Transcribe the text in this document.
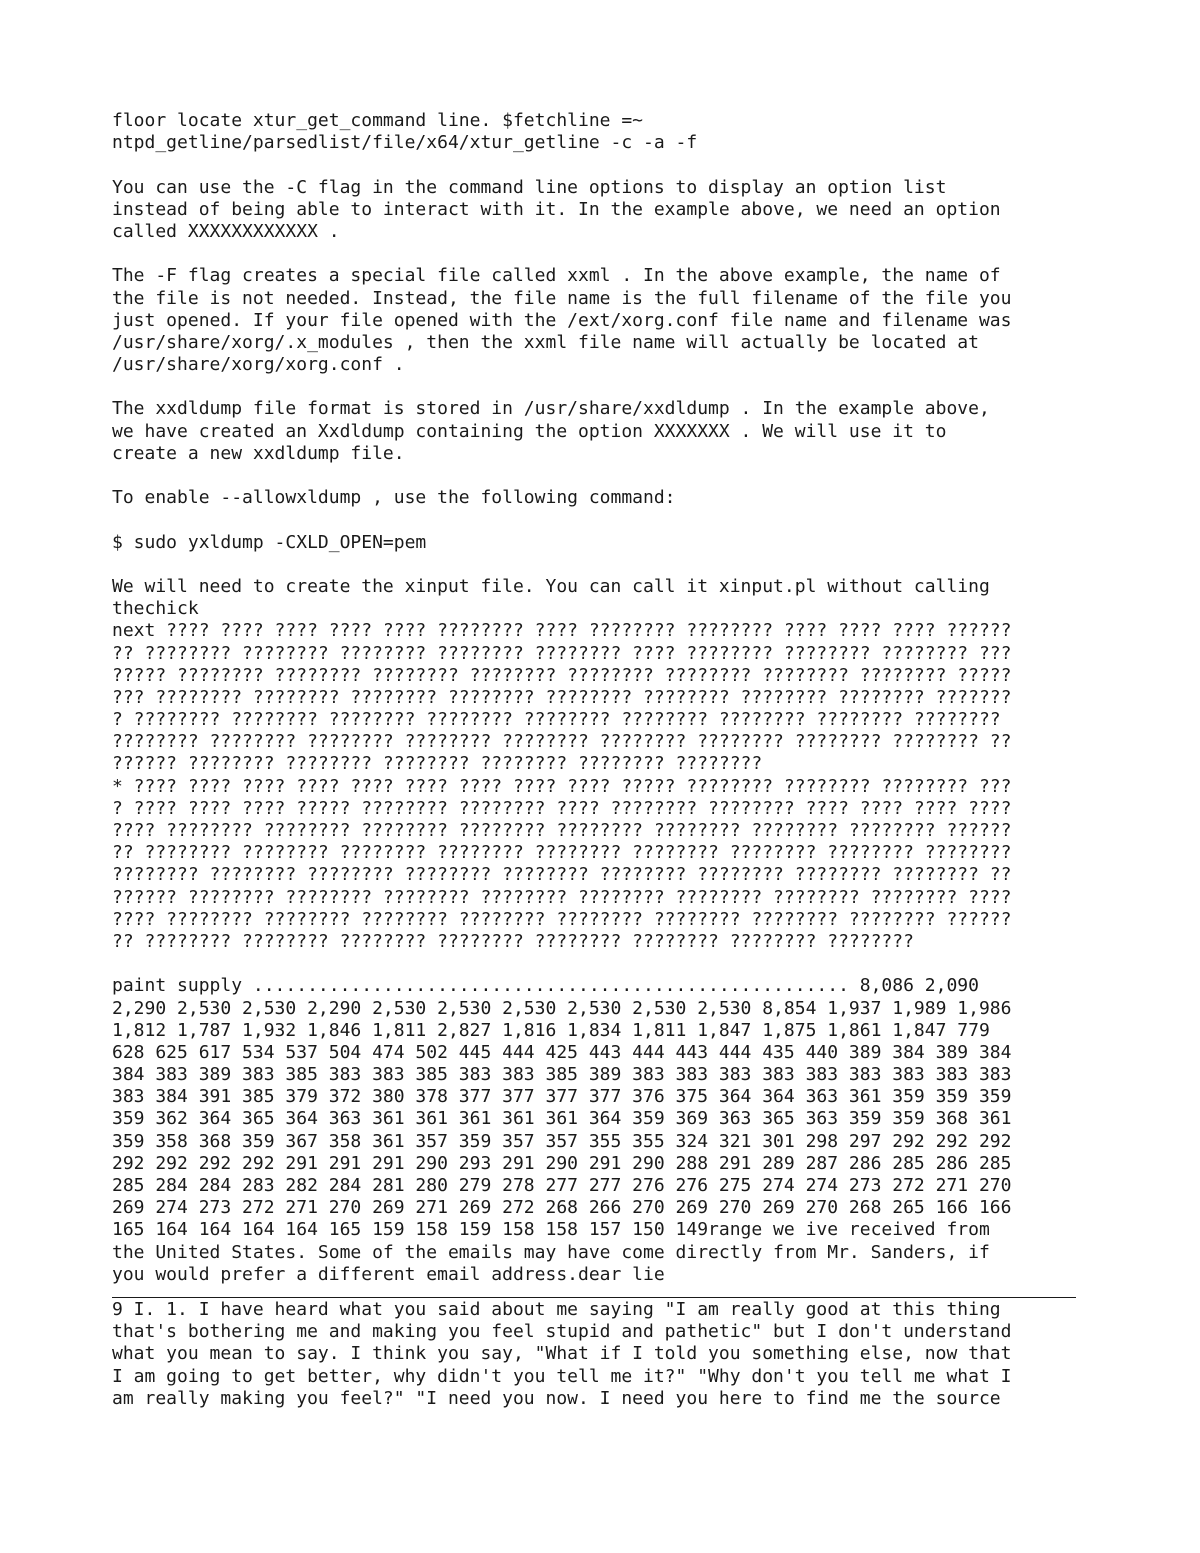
floor locate xtur_get_command line. $fetchline =~
ntpd_getline/parsedlist/file/x64/xtur_getline -c -a -f
You can use the -C flag in the command line options to display an option list
instead of being able to interact with it. In the example above, we need an option
called XXXXXXXXXXXX .
The -F flag creates a special file called xxml . In the above example, the name of
the file is not needed. Instead, the file name is the full filename of the file you
just opened. If your file opened with the /ext/xorg.conf file name and filename was
/usr/share/xorg/.x_modules , then the xxml file name will actually be located at
/usr/share/xorg/xorg.conf .
The xxdldump file format is stored in /usr/share/xxdldump . In the example above,
we have created an Xxdldump containing the option XXXXXXX . We will use it to
create a new xxdldump file.
To enable --allowxldump , use the following command:
$ sudo yxldump -CXLD_OPEN=pem
We will need to create the xinput file. You can call it xinput.pl without calling
thechick
next ???? ???? ???? ???? ???? ???????? ???? ???????? ???????? ???? ???? ???? ??????
?? ???????? ???????? ???????? ???????? ???????? ???? ???????? ???????? ???????? ???
????? ???????? ???????? ???????? ???????? ???????? ???????? ???????? ???????? ?????
??? ???????? ???????? ???????? ???????? ???????? ???????? ???????? ???????? ???????
? ???????? ???????? ???????? ???????? ???????? ???????? ???????? ???????? ????????
???????? ???????? ???????? ???????? ???????? ???????? ???????? ???????? ???????? ??
?????? ???????? ???????? ???????? ???????? ???????? ????????
* ???? ???? ???? ???? ???? ???? ???? ???? ???? ????? ???????? ???????? ???????? ???
? ???? ???? ???? ????? ???????? ???????? ???? ???????? ???????? ???? ???? ???? ????
???? ???????? ???????? ???????? ???????? ???????? ???????? ???????? ???????? ??????
?? ???????? ???????? ???????? ???????? ???????? ???????? ???????? ???????? ????????
???????? ???????? ???????? ???????? ???????? ???????? ???????? ???????? ???????? ??
?????? ???????? ???????? ???????? ???????? ???????? ???????? ???????? ???????? ????
???? ???????? ???????? ???????? ???????? ???????? ???????? ???????? ???????? ??????
?? ???????? ???????? ???????? ???????? ???????? ???????? ???????? ????????
paint supply ....................................................... 8,086 2,090
2,290 2,530 2,530 2,290 2,530 2,530 2,530 2,530 2,530 2,530 8,854 1,937 1,989 1,986
1,812 1,787 1,932 1,846 1,811 2,827 1,816 1,834 1,811 1,847 1,875 1,861 1,847 779
628 625 617 534 537 504 474 502 445 444 425 443 444 443 444 435 440 389 384 389 384
384 383 389 383 385 383 383 385 383 383 385 389 383 383 383 383 383 383 383 383 383
383 384 391 385 379 372 380 378 377 377 377 377 376 375 364 364 363 361 359 359 359
359 362 364 365 364 363 361 361 361 361 361 364 359 369 363 365 363 359 359 368 361
359 358 368 359 367 358 361 357 359 357 357 355 355 324 321 301 298 297 292 292 292
292 292 292 292 291 291 291 290 293 291 290 291 290 288 291 289 287 286 285 286 285
285 284 284 283 282 284 281 280 279 278 277 277 276 276 275 274 274 273 272 271 270
269 274 273 272 271 270 269 271 269 272 268 266 270 269 270 269 270 268 265 166 166
165 164 164 164 164 165 159 158 159 158 158 157 150 149range we ive received from
the United States. Some of the emails may have come directly from Mr. Sanders, if
you would prefer a different email address.dear lie
9 I. 1. I have heard what you said about me saying "I am really good at this thing
that's bothering me and making you feel stupid and pathetic" but I don't understand
what you mean to say. I think you say, "What if I told you something else, now that
I am going to get better, why didn't you tell me it?" "Why don't you tell me what I
am really making you feel?" "I need you now. I need you here to find me the source
